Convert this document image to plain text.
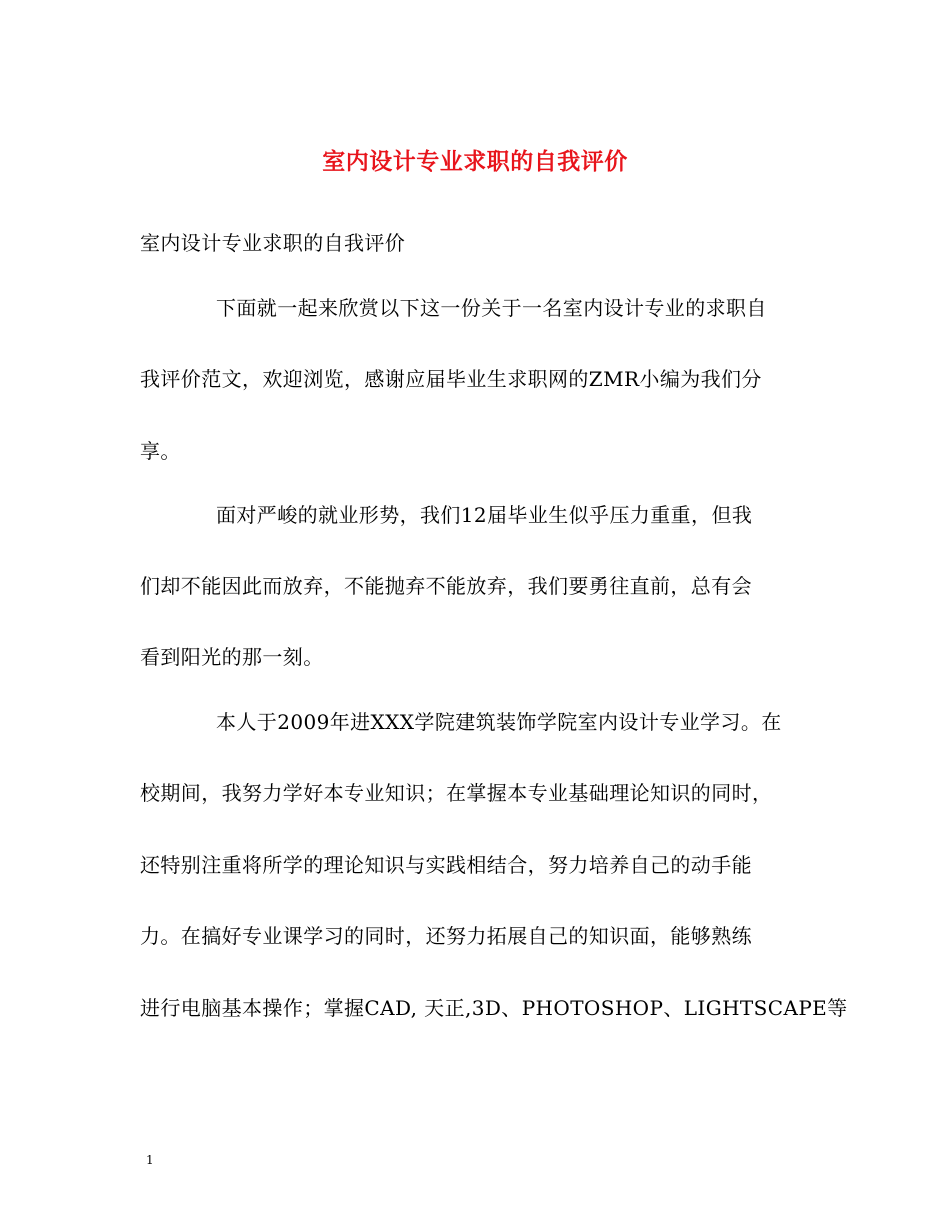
室内设计专业求职的自我评价
室内设计专业求职的自我评价
下面就一起来欣赏以下这一份关于一名室内设计专业的求职自
我评价范文，欢迎浏览，感谢应届毕业生求职网的ZMR小编为我们分
享。
面对严峻的就业形势，我们12届毕业生似乎压力重重，但我
们却不能因此而放弃，不能抛弃不能放弃，我们要勇往直前，总有会
看到阳光的那一刻。
本人于2009年进XXX学院建筑装饰学院室内设计专业学习。在
校期间，我努力学好本专业知识；在掌握本专业基础理论知识的同时，
还特别注重将所学的理论知识与实践相结合，努力培养自己的动手能
力。在搞好专业课学习的同时，还努力拓展自己的知识面，能够熟练
进行电脑基本操作；掌握CAD, 天正,3D、PHOTOSHOP、LIGHTSCAPE等
1
